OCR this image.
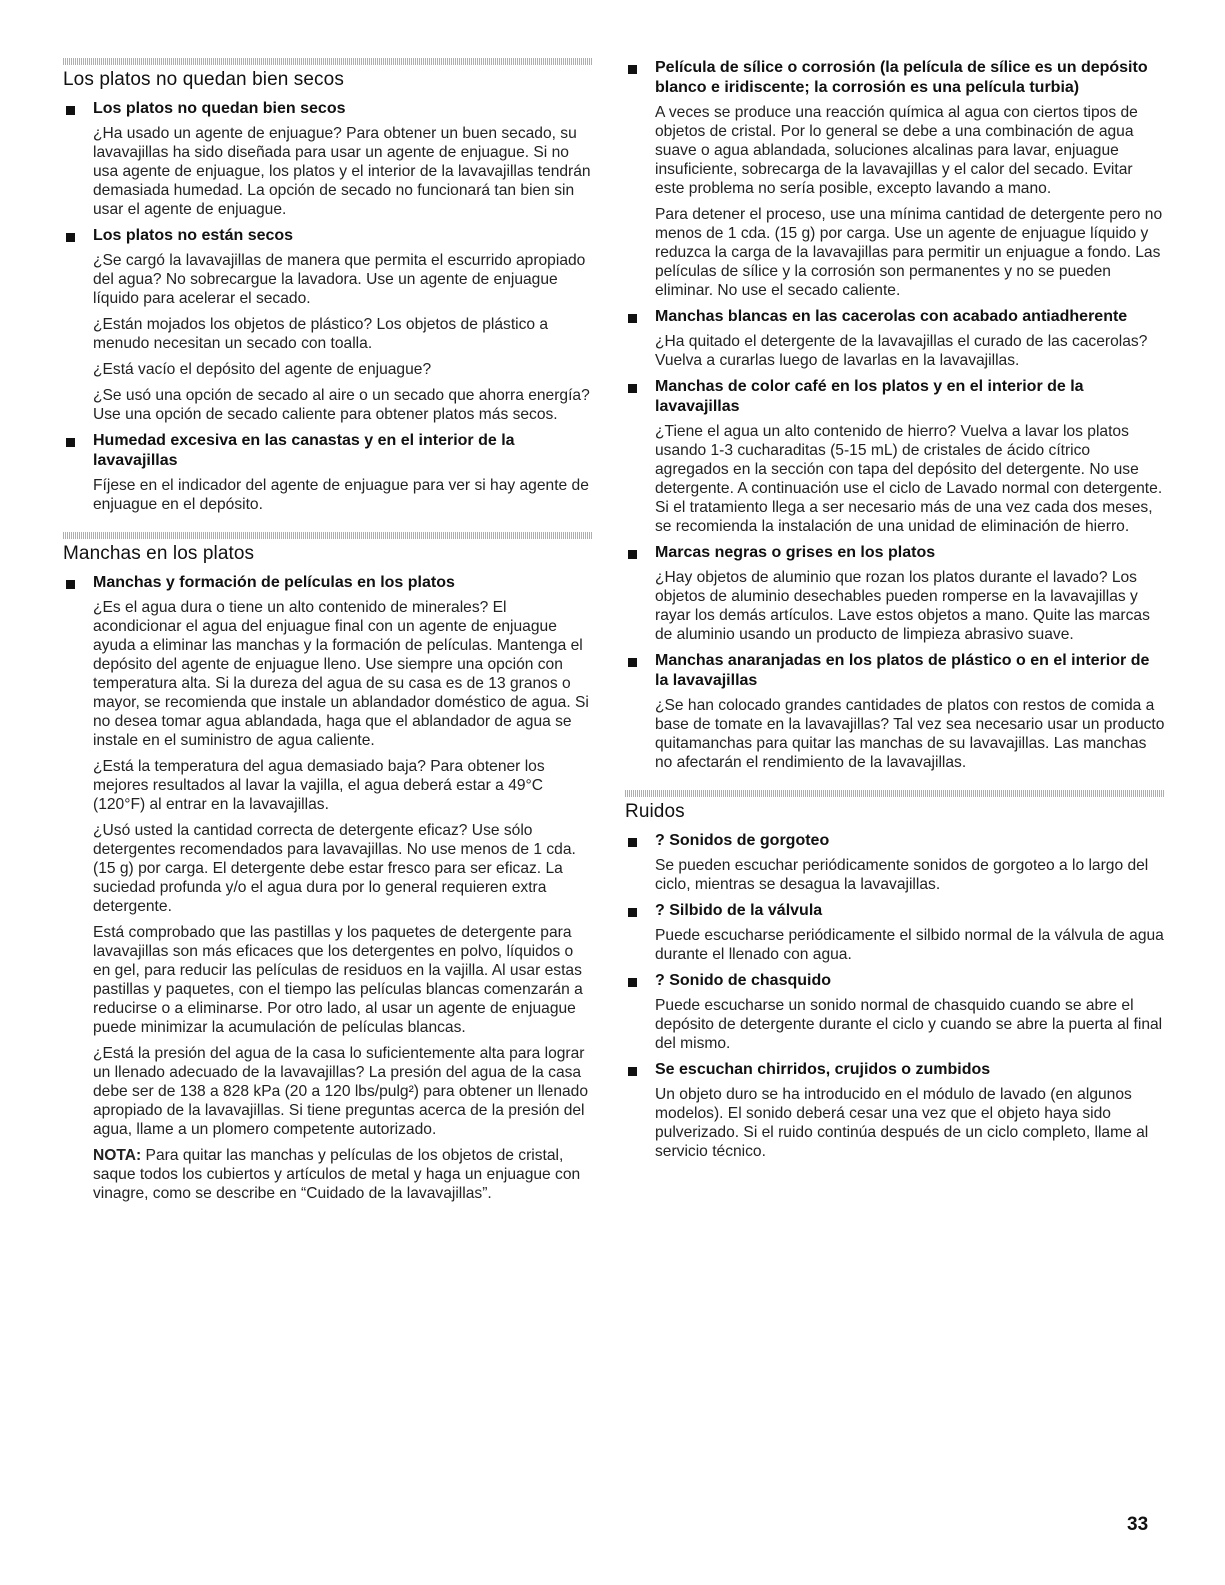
Los platos no quedan bien secos
Los platos no quedan bien secos

¿Ha usado un agente de enjuague? Para obtener un buen secado, su lavavajillas ha sido diseñada para usar un agente de enjuague. Si no usa agente de enjuague, los platos y el interior de la lavavajillas tendrán demasiada humedad. La opción de secado no funcionará tan bien sin usar el agente de enjuague.

Los platos no están secos

¿Se cargó la lavavajillas de manera que permita el escurrido apropiado del agua? No sobrecargue la lavadora. Use un agente de enjuague líquido para acelerar el secado.

¿Están mojados los objetos de plástico? Los objetos de plástico a menudo necesitan un secado con toalla.

¿Está vacío el depósito del agente de enjuague?

¿Se usó una opción de secado al aire o un secado que ahorra energía? Use una opción de secado caliente para obtener platos más secos.

Humedad excesiva en las canastas y en el interior de la lavavajillas

Fíjese en el indicador del agente de enjuague para ver si hay agente de enjuague en el depósito.

Manchas en los platos
Manchas y formación de películas en los platos

¿Es el agua dura o tiene un alto contenido de minerales? El acondicionar el agua del enjuague final con un agente de enjuague ayuda a eliminar las manchas y la formación de películas. Mantenga el depósito del agente de enjuague lleno. Use siempre una opción con temperatura alta. Si la dureza del agua de su casa es de 13 granos o mayor, se recomienda que instale un ablandador doméstico de agua. Si no desea tomar agua ablandada, haga que el ablandador de agua se instale en el suministro de agua caliente.

¿Está la temperatura del agua demasiado baja? Para obtener los mejores resultados al lavar la vajilla, el agua deberá estar a 49°C (120°F) al entrar en la lavavajillas.

¿Usó usted la cantidad correcta de detergente eficaz? Use sólo detergentes recomendados para lavavajillas. No use menos de 1 cda. (15 g) por carga. El detergente debe estar fresco para ser eficaz. La suciedad profunda y/o el agua dura por lo general requieren extra detergente.

Está comprobado que las pastillas y los paquetes de detergente para lavavajillas son más eficaces que los detergentes en polvo, líquidos o en gel, para reducir las películas de residuos en la vajilla. Al usar estas pastillas y paquetes, con el tiempo las películas blancas comenzarán a reducirse o a eliminarse. Por otro lado, al usar un agente de enjuague puede minimizar la acumulación de películas blancas.

¿Está la presión del agua de la casa lo suficientemente alta para lograr un llenado adecuado de la lavavajillas? La presión del agua de la casa debe ser de 138 a 828 kPa (20 a 120 lbs/pulg²) para obtener un llenado apropiado de la lavavajillas. Si tiene preguntas acerca de la presión del agua, llame a un plomero competente autorizado.

NOTA: Para quitar las manchas y películas de los objetos de cristal, saque todos los cubiertos y artículos de metal y haga un enjuague con vinagre, como se describe en “Cuidado de la lavavajillas”.

Película de sílice o corrosión (la película de sílice es un depósito blanco e iridiscente; la corrosión es una película turbia)

A veces se produce una reacción química al agua con ciertos tipos de objetos de cristal. Por lo general se debe a una combinación de agua suave o agua ablandada, soluciones alcalinas para lavar, enjuague insuficiente, sobrecarga de la lavavajillas y el calor del secado. Evitar este problema no sería posible, excepto lavando a mano.

Para detener el proceso, use una mínima cantidad de detergente pero no menos de 1 cda. (15 g) por carga. Use un agente de enjuague líquido y reduzca la carga de la lavavajillas para permitir un enjuague a fondo. Las películas de sílice y la corrosión son permanentes y no se pueden eliminar. No use el secado caliente.

Manchas blancas en las cacerolas con acabado antiadherente

¿Ha quitado el detergente de la lavavajillas el curado de las cacerolas? Vuelva a curarlas luego de lavarlas en la lavavajillas.

Manchas de color café en los platos y en el interior de la lavavajillas

¿Tiene el agua un alto contenido de hierro? Vuelva a lavar los platos usando 1-3 cucharaditas (5-15 mL) de cristales de ácido cítrico agregados en la sección con tapa del depósito del detergente. No use detergente. A continuación use el ciclo de Lavado normal con detergente. Si el tratamiento llega a ser necesario más de una vez cada dos meses, se recomienda la instalación de una unidad de eliminación de hierro.

Marcas negras o grises en los platos

¿Hay objetos de aluminio que rozan los platos durante el lavado? Los objetos de aluminio desechables pueden romperse en la lavavajillas y rayar los demás artículos. Lave estos objetos a mano. Quite las marcas de aluminio usando un producto de limpieza abrasivo suave.

Manchas anaranjadas en los platos de plástico o en el interior de la lavavajillas

¿Se han colocado grandes cantidades de platos con restos de comida a base de tomate en la lavavajillas? Tal vez sea necesario usar un producto quitamanchas para quitar las manchas de su lavavajillas. Las manchas no afectarán el rendimiento de la lavavajillas.

Ruidos
? Sonidos de gorgoteo

Se pueden escuchar periódicamente sonidos de gorgoteo a lo largo del ciclo, mientras se desagua la lavavajillas.

? Silbido de la válvula

Puede escucharse periódicamente el silbido normal de la válvula de agua durante el llenado con agua.

? Sonido de chasquido

Puede escucharse un sonido normal de chasquido cuando se abre el depósito de detergente durante el ciclo y cuando se abre la puerta al final del mismo.

Se escuchan chirridos, crujidos o zumbidos

Un objeto duro se ha introducido en el módulo de lavado (en algunos modelos). El sonido deberá cesar una vez que el objeto haya sido pulverizado. Si el ruido continúa después de un ciclo completo, llame al servicio técnico.

33
